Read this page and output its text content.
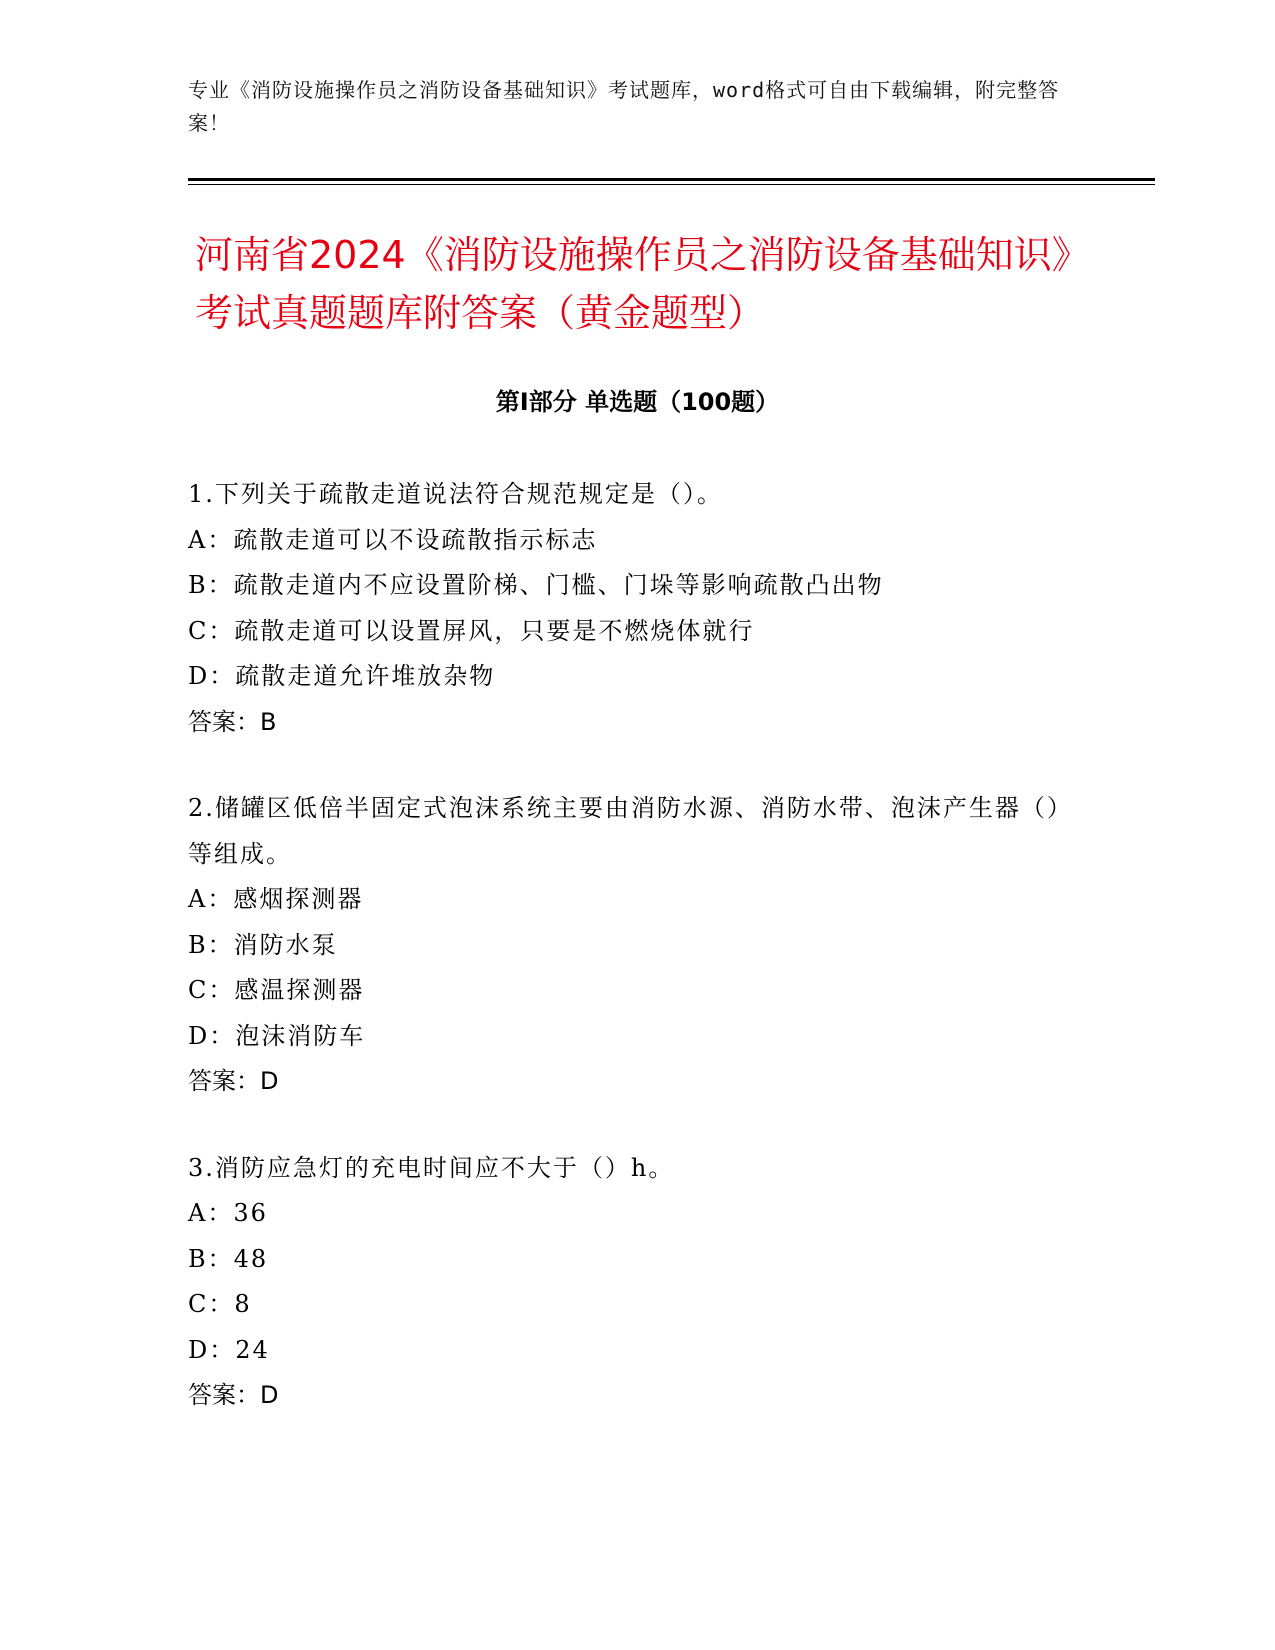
专业《消防设施操作员之消防设备基础知识》考试题库，word格式可自由下载编辑，附完整答案！
河南省2024《消防设施操作员之消防设备基础知识》考试真题题库附答案（黄金题型）
第I部分 单选题（100题）

1.下列关于疏散走道说法符合规范规定是（）。

A：疏散走道可以不设疏散指示标志

B：疏散走道内不应设置阶梯、门槛、门垛等影响疏散凸出物

C：疏散走道可以设置屏风，只要是不燃烧体就行

D：疏散走道允许堆放杂物

答案：B

2.储罐区低倍半固定式泡沫系统主要由消防水源、消防水带、泡沫产生器（）等组成。

A：感烟探测器

B：消防水泵

C：感温探测器

D：泡沫消防车

答案：D

3.消防应急灯的充电时间应不大于（）h。

A：36

B：48

C：8

D：24

答案：D
